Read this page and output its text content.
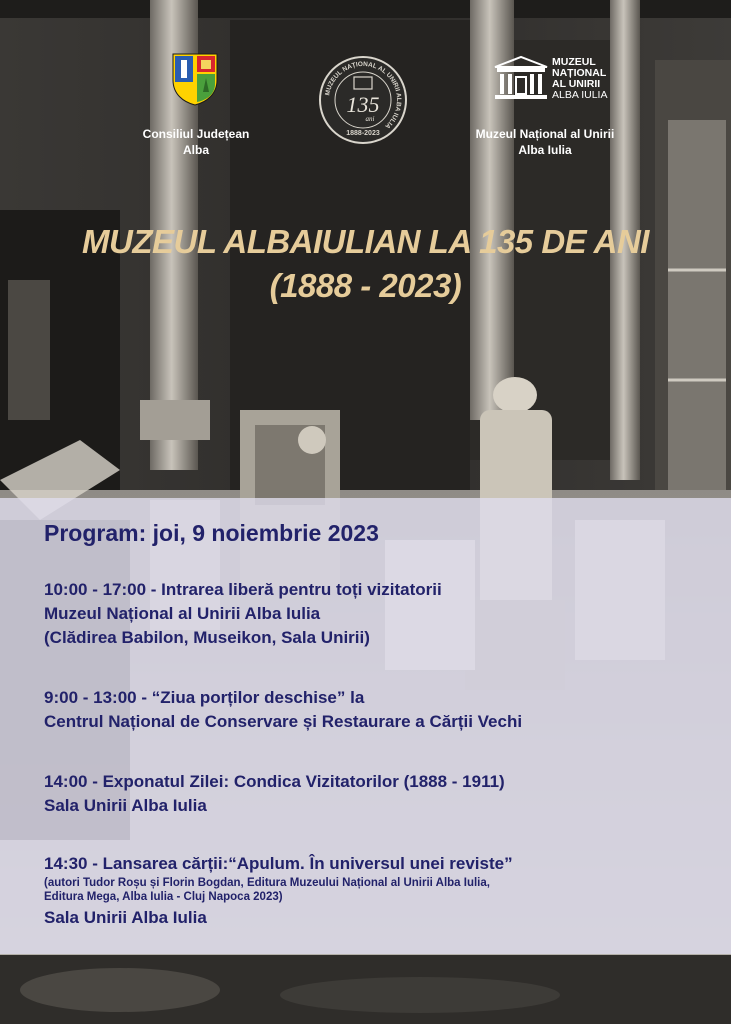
Consiliul Județean
Alba
MUZEUL NAȚIONAL AL UNIRII ALBA IULIA
135
ani
1888-2023
MUZEUL
NAȚIONAL
AL UNIRII
ALBA IULIA
Muzeul Național al Unirii
Alba Iulia
MUZEUL ALBAIULIAN LA 135 DE ANI
(1888 - 2023)
Program: joi, 9 noiembrie 2023
10:00 - 17:00 - Intrarea liberă pentru toți vizitatorii
Muzeul Național al Unirii Alba Iulia
(Clădirea Babilon, Museikon, Sala Unirii)
9:00 - 13:00 - “Ziua porților deschise” la
Centrul Național de Conservare și Restaurare a Cărții Vechi
14:00 - Exponatul Zilei: Condica Vizitatorilor (1888 - 1911)
Sala Unirii Alba Iulia
14:30 - Lansarea cărții:“Apulum. În universul unei reviste”
(autori Tudor Roșu și Florin Bogdan, Editura Muzeului Național al Unirii Alba Iulia,
Editura Mega, Alba Iulia - Cluj Napoca 2023)
Sala Unirii Alba Iulia
